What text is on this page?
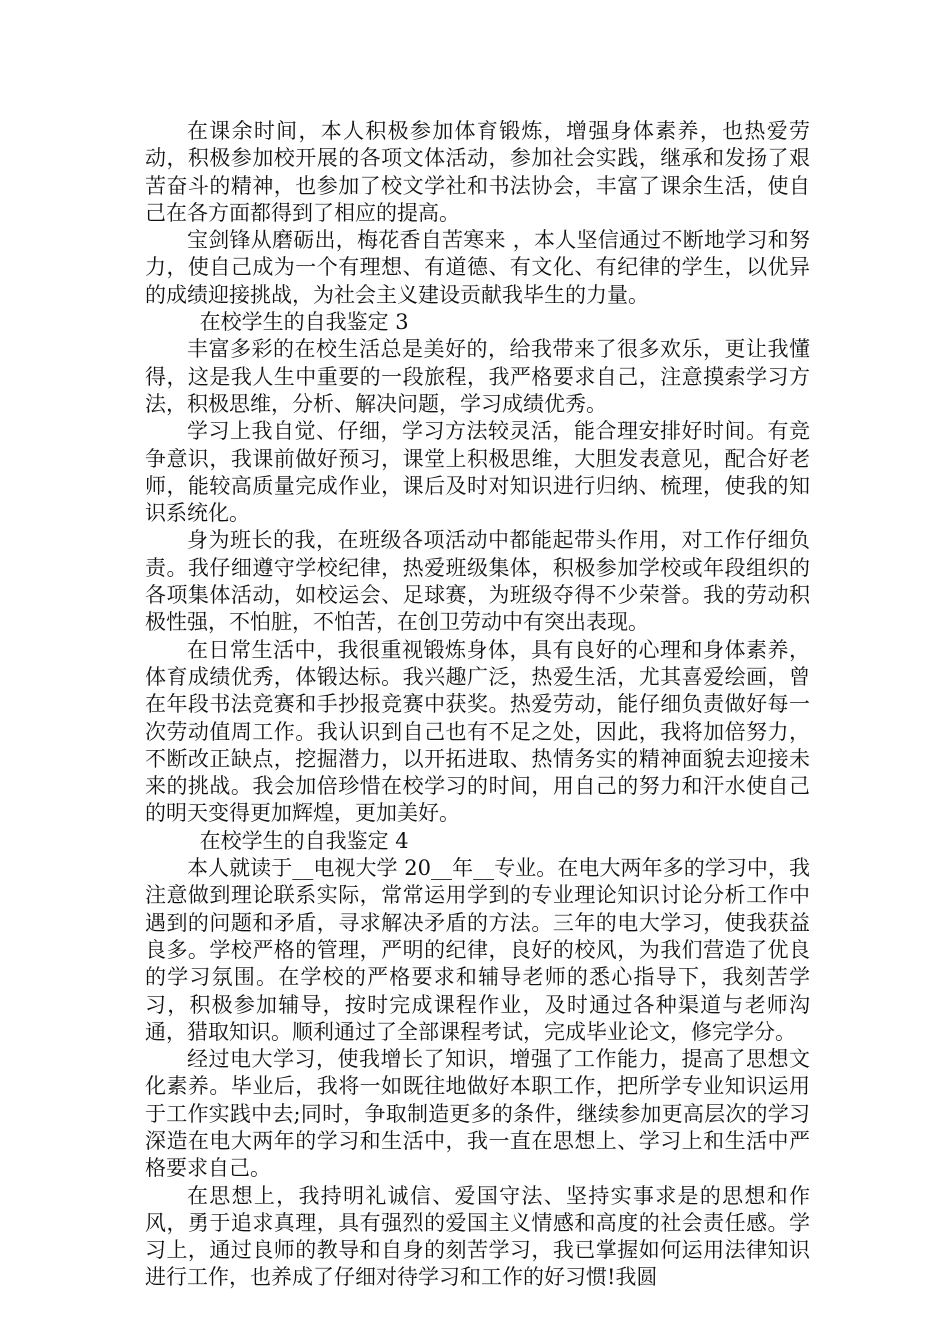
在课余时间，本人积极参加体育锻炼，增强身体素养，也热爱劳动，积极参加校开展的各项文体活动，参加社会实践，继承和发扬了艰苦奋斗的精神，也参加了校文学社和书法协会，丰富了课余生活，使自己在各方面都得到了相应的提高。

宝剑锋从磨砺出，梅花香自苦寒来 ，本人坚信通过不断地学习和努力，使自己成为一个有理想、有道德、有文化、有纪律的学生，以优异的成绩迎接挑战，为社会主义建设贡献我毕生的力量。

在校学生的自我鉴定 3

丰富多彩的在校生活总是美好的，给我带来了很多欢乐，更让我懂得，这是我人生中重要的一段旅程，我严格要求自己，注意摸索学习方法，积极思维，分析、解决问题，学习成绩优秀。

学习上我自觉、仔细，学习方法较灵活，能合理安排好时间。有竞争意识，我课前做好预习，课堂上积极思维，大胆发表意见，配合好老师，能较高质量完成作业，课后及时对知识进行归纳、梳理，使我的知识系统化。

身为班长的我，在班级各项活动中都能起带头作用，对工作仔细负责。我仔细遵守学校纪律，热爱班级集体，积极参加学校或年段组织的各项集体活动，如校运会、足球赛，为班级夺得不少荣誉。我的劳动积极性强，不怕脏，不怕苦，在创卫劳动中有突出表现。

在日常生活中，我很重视锻炼身体，具有良好的心理和身体素养，体育成绩优秀，体锻达标。我兴趣广泛，热爱生活，尤其喜爱绘画，曾在年段书法竞赛和手抄报竞赛中获奖。热爱劳动，能仔细负责做好每一次劳动值周工作。我认识到自己也有不足之处，因此，我将加倍努力，不断改正缺点，挖掘潜力，以开拓进取、热情务实的精神面貌去迎接未来的挑战。我会加倍珍惜在校学习的时间，用自己的努力和汗水使自己的明天变得更加辉煌，更加美好。

在校学生的自我鉴定 4

本人就读于__电视大学 20__年__专业。在电大两年多的学习中，我注意做到理论联系实际，常常运用学到的专业理论知识讨论分析工作中遇到的问题和矛盾，寻求解决矛盾的方法。三年的电大学习，使我获益良多。学校严格的管理，严明的纪律，良好的校风，为我们营造了优良的学习氛围。在学校的严格要求和辅导老师的悉心指导下，我刻苦学习，积极参加辅导，按时完成课程作业，及时通过各种渠道与老师沟通，猎取知识。顺利通过了全部课程考试，完成毕业论文，修完学分。

经过电大学习，使我增长了知识，增强了工作能力，提高了思想文化素养。毕业后，我将一如既往地做好本职工作，把所学专业知识运用于工作实践中去;同时，争取制造更多的条件，继续参加更高层次的学习深造在电大两年的学习和生活中，我一直在思想上、学习上和生活中严格要求自己。

在思想上，我持明礼诚信、爱国守法、坚持实事求是的思想和作风，勇于追求真理，具有强烈的爱国主义情感和高度的社会责任感。学习上，通过良师的教导和自身的刻苦学习，我已掌握如何运用法律知识进行工作，也养成了仔细对待学习和工作的好习惯!我圆
